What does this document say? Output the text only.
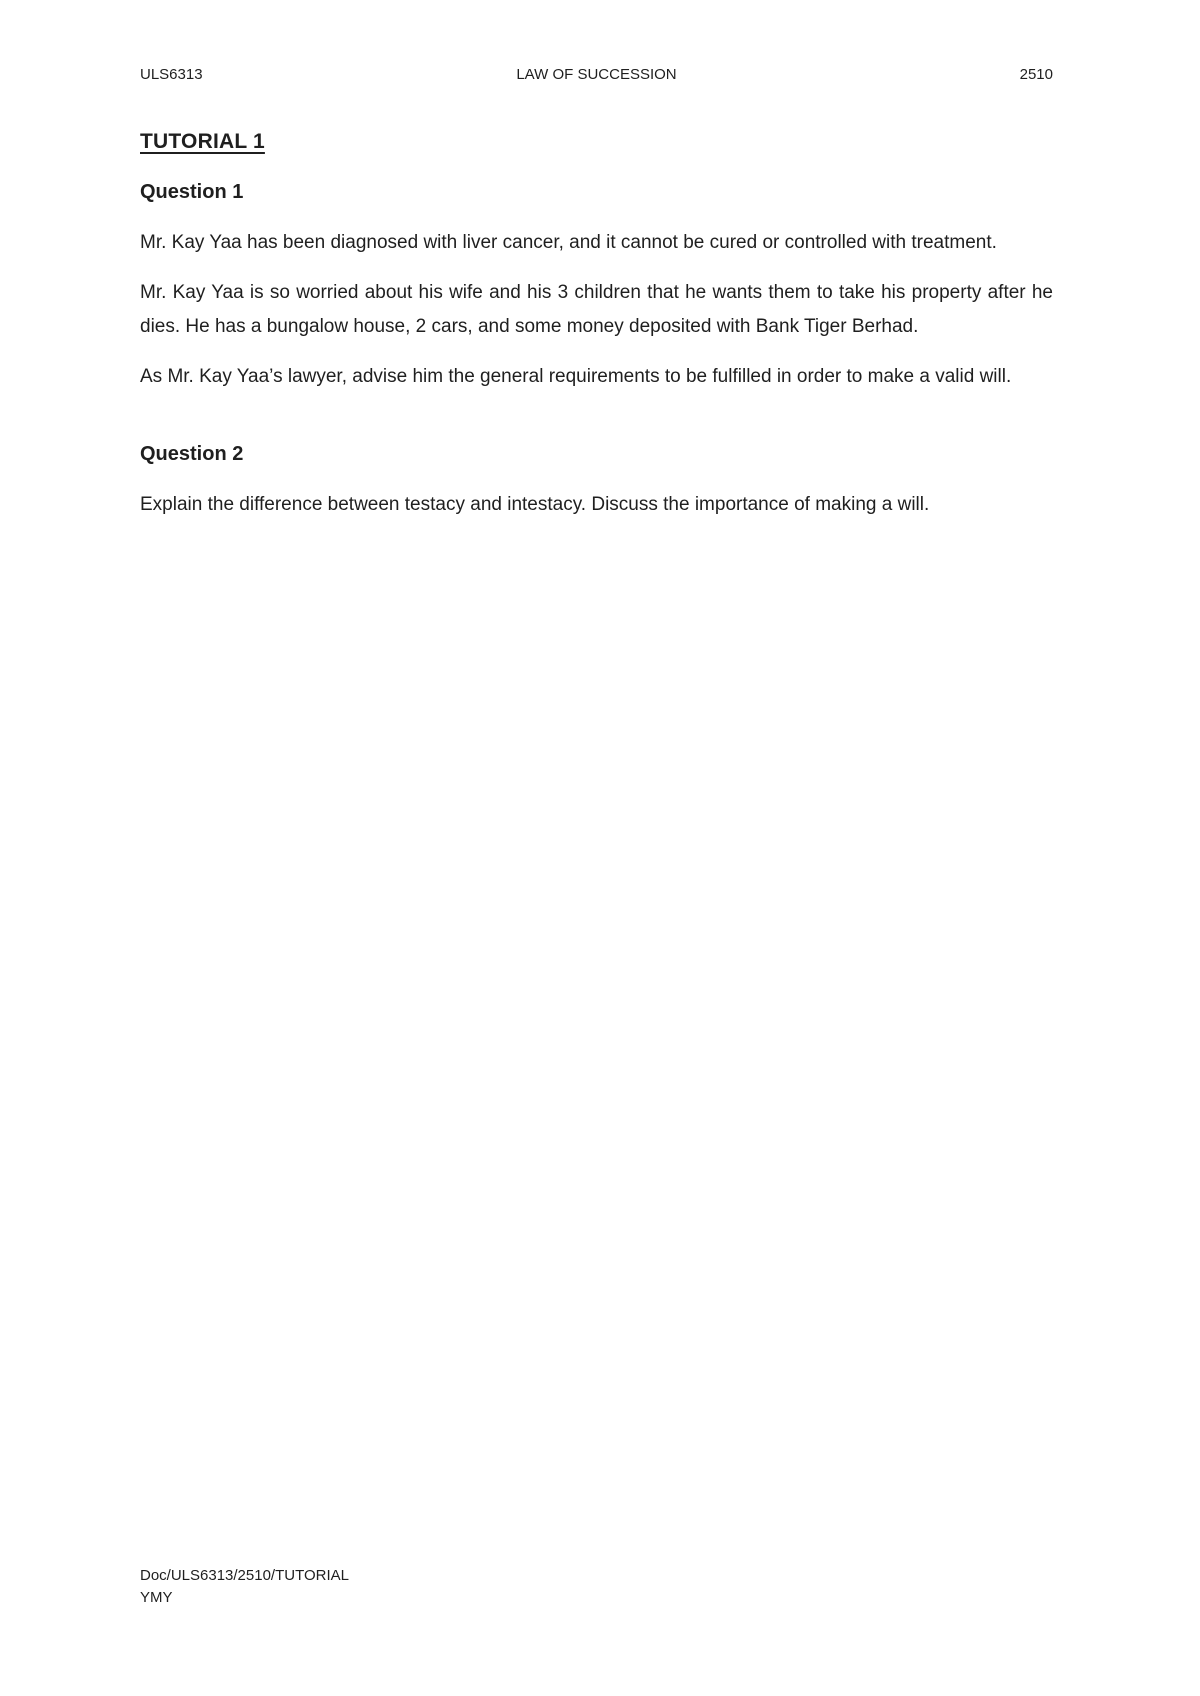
ULS6313	LAW OF SUCCESSION	2510
TUTORIAL 1
Question 1

Mr. Kay Yaa has been diagnosed with liver cancer, and it cannot be cured or controlled with treatment.

Mr. Kay Yaa is so worried about his wife and his 3 children that he wants them to take his property after he dies. He has a bungalow house, 2 cars, and some money deposited with Bank Tiger Berhad.

As Mr. Kay Yaa’s lawyer, advise him the general requirements to be fulfilled in order to make a valid will.

Question 2

Explain the difference between testacy and intestacy. Discuss the importance of making a will.

Doc/ULS6313/2510/TUTORIAL
YMY
